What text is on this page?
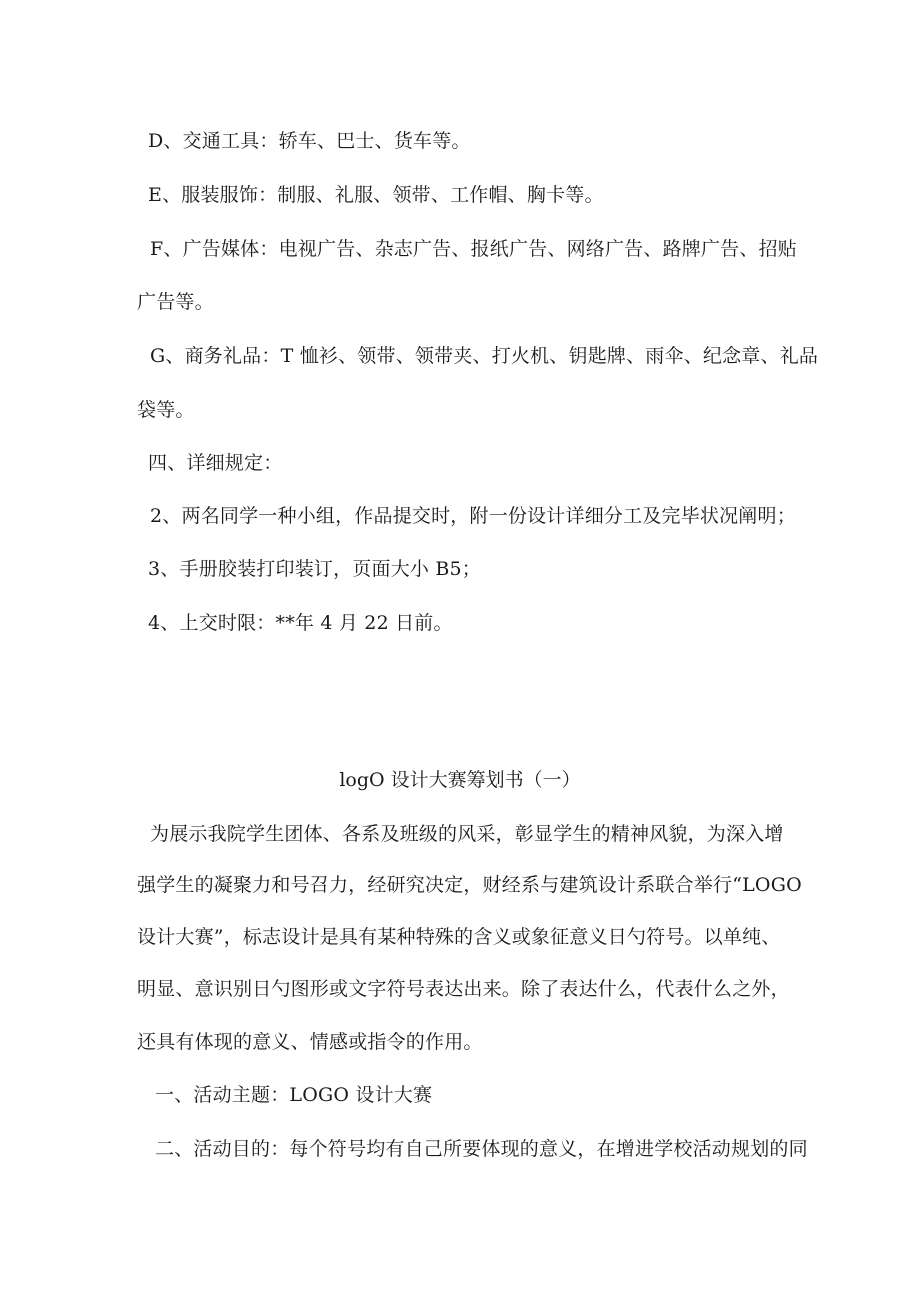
D、交通工具：轿车、巴士、货车等。
E、服装服饰：制服、礼服、领带、工作帽、胸卡等。
F、广告媒体：电视广告、杂志广告、报纸广告、网络广告、路牌广告、招贴
广告等。
G、商务礼品：T 恤衫、领带、领带夹、打火机、钥匙牌、雨伞、纪念章、礼品
袋等。
四、详细规定：
2、两名同学一种小组，作品提交时，附一份设计详细分工及完毕状况阐明；
3、手册胶装打印装订，页面大小 B5；
4、上交时限：**年 4 月 22 日前。
logO 设计大赛筹划书（一）
为展示我院学生团体、各系及班级的风采，彰显学生的精神风貌，为深入增
强学生的凝聚力和号召力，经研究决定，财经系与建筑设计系联合举行“LOGO
设计大赛”，标志设计是具有某种特殊的含义或象征意义日勺符号。以单纯、
明显、意识别日勺图形或文字符号表达出来。除了表达什么，代表什么之外，
还具有体现的意义、情感或指令的作用。
一、活动主题：LOGO 设计大赛
二、活动目的：每个符号均有自己所要体现的意义，在增进学校活动规划的同
